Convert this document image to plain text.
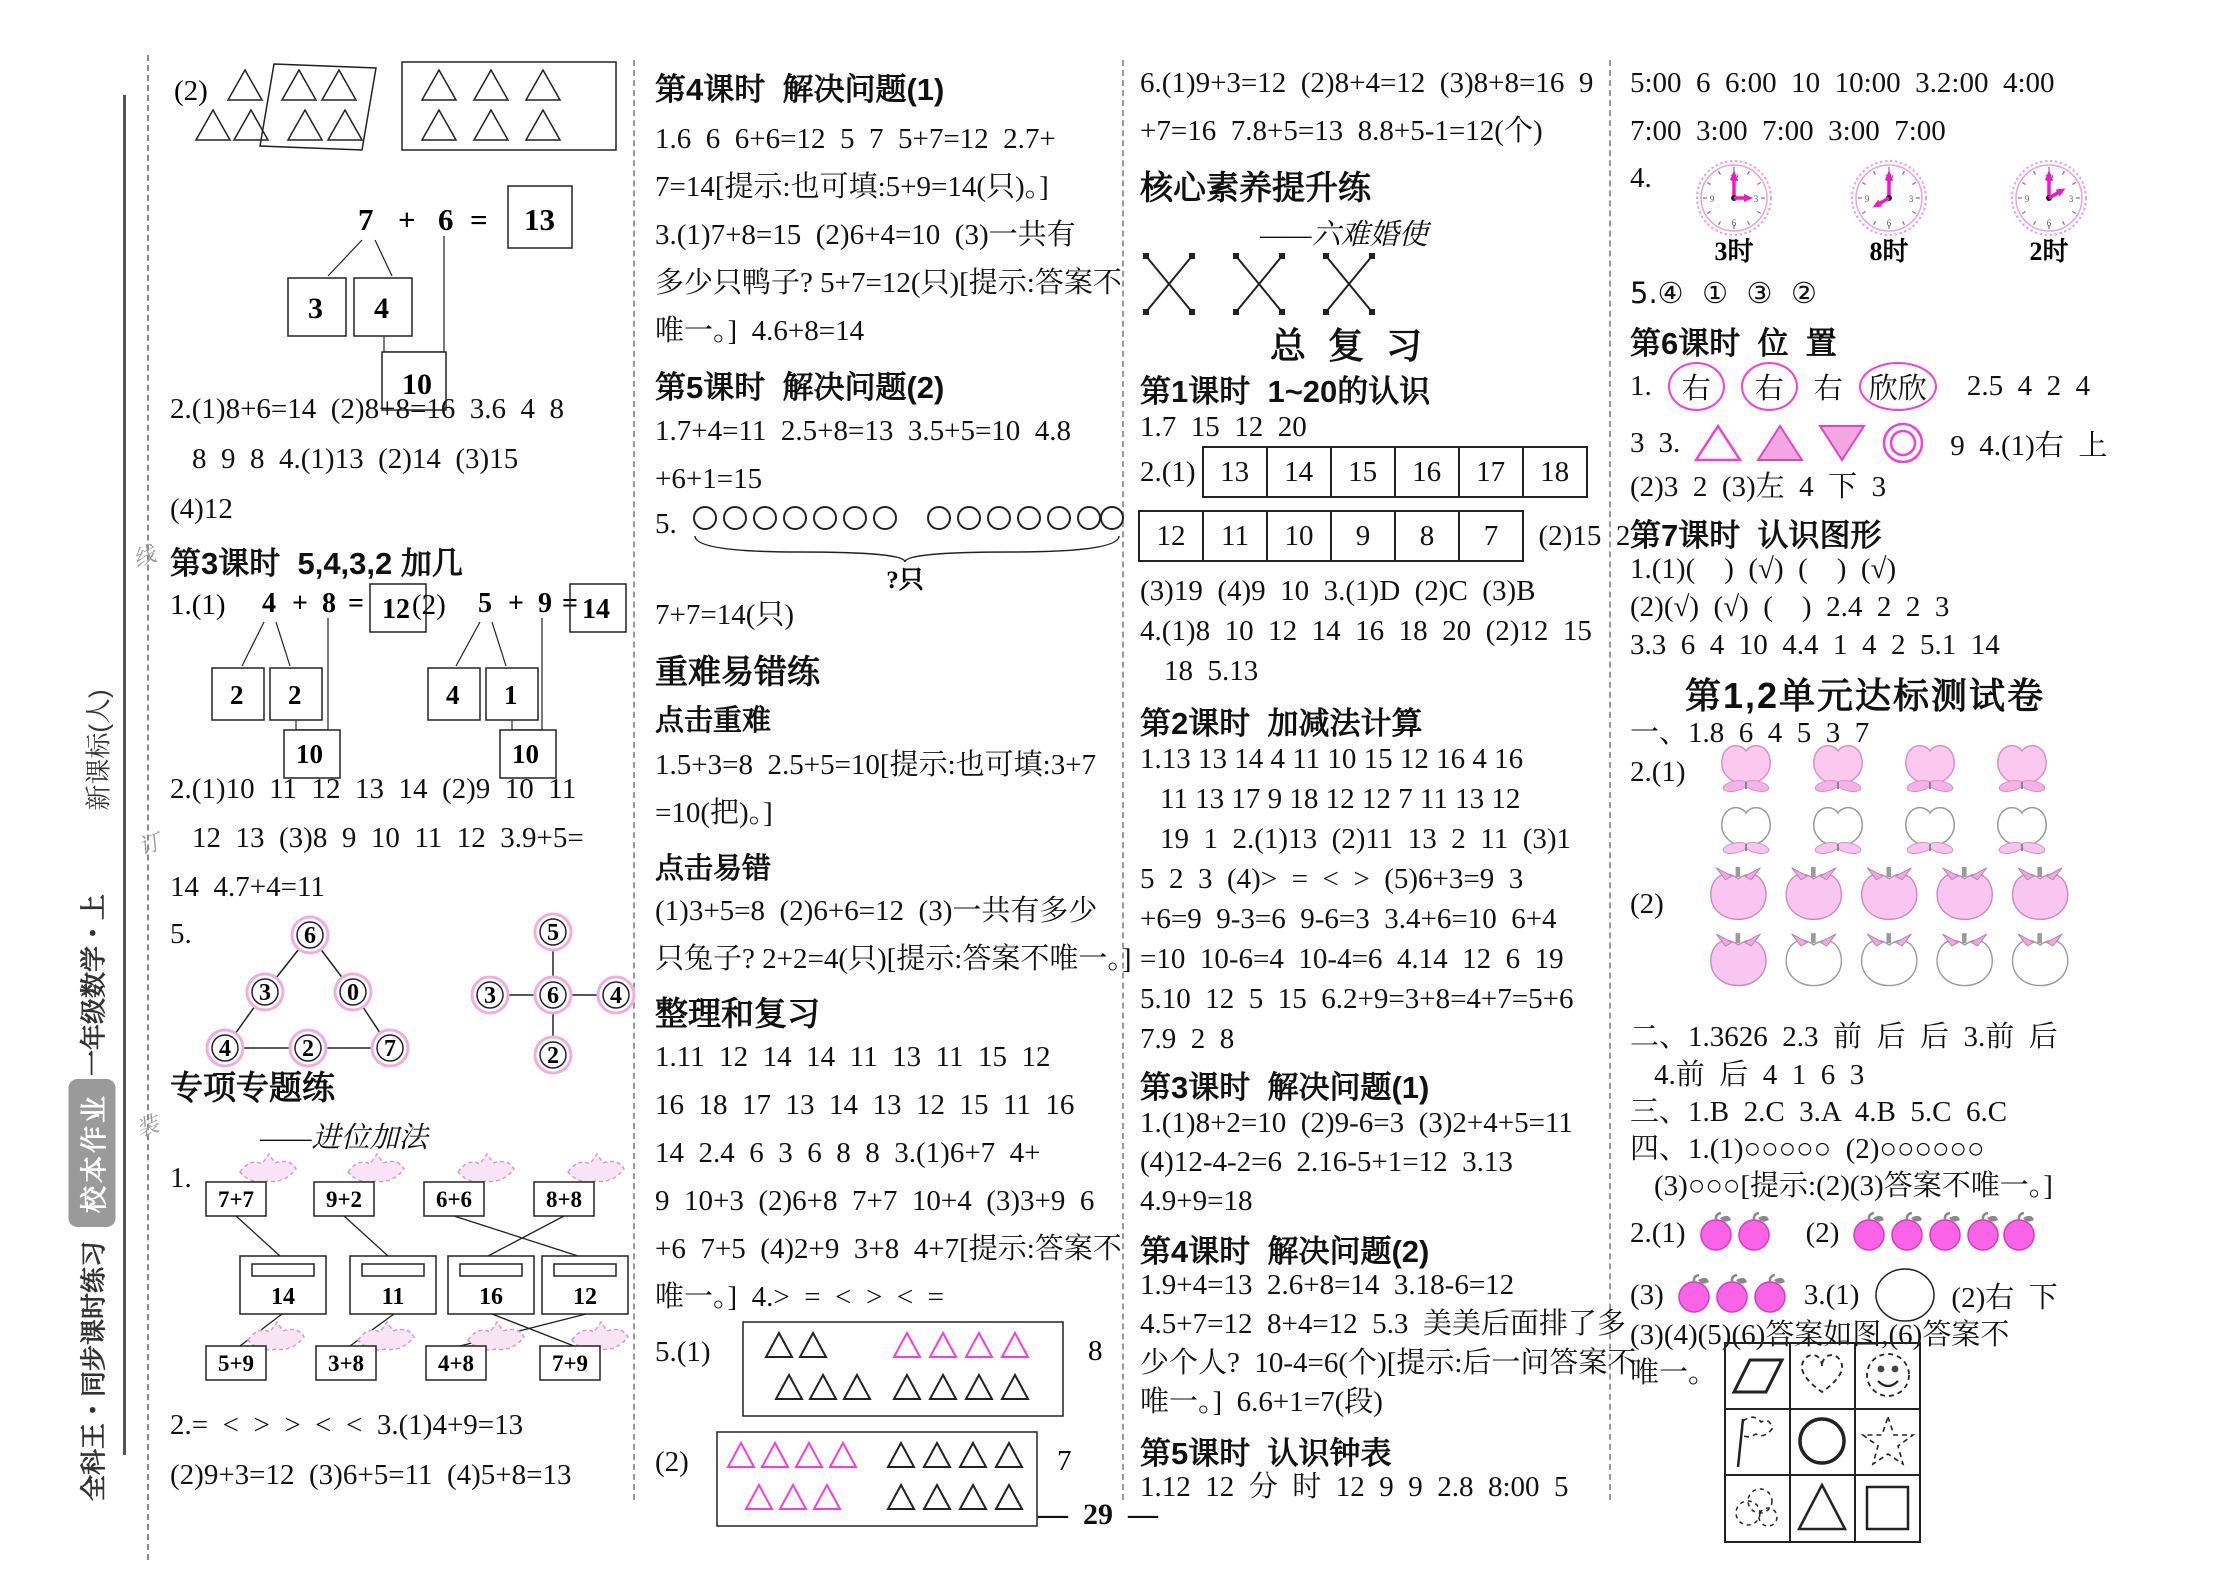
线
订
装
新课标(人)
一年级数学・上
全科王・同步课时练习
校本作业
(2)
7 + 6 = 13
3 4
10
2.(1)8+6=14  (2)8+8=16  3.6  4  8
8  9  8  4.(1)13  (2)14  (3)15
(4)12
第3课时  5,4,3,2 加几
1.(1) 4 + 8 = 12
2 2
10
(2) 5 + 9 = 14
4 1
10
2.(1)10  11  12  13  14  (2)9  10  11
12  13  (3)8  9  10  11  12  3.9+5=
14  4.7+4=11
5.	6
3	0
4	2	7
5
3 6 4
2
专项专题练
——进位加法
1.
7+7	9+2	6+6	8+8
14	11	16	12
5+9	3+8	4+8	7+9
2.=  <  >  >  <  <  3.(1)4+9=13
(2)9+3=12  (3)6+5=11  (4)5+8=13
第4课时  解决问题(1)
1.6  6  6+6=12  5  7  5+7=12  2.7+
7=14[提示:也可填:5+9=14(只)。]
3.(1)7+8=15  (2)6+4=10  (3)一共有
多少只鸭子? 5+7=12(只)[提示:答案不
唯一。]  4.6+8=14
第5课时  解决问题(2)
1.7+4=11  2.5+8=13  3.5+5=10  4.8
+6+1=15
5.
?只
7+7=14(只)
重难易错练
点击重难
1.5+3=8  2.5+5=10[提示:也可填:3+7
=10(把)。]
点击易错
(1)3+5=8  (2)6+6=12  (3)一共有多少
只兔子? 2+2=4(只)[提示:答案不唯一。]
整理和复习
1.11  12  14  14  11  13  11  15  12
16  18  17  13  14  13  12  15  11  16
14  2.4  6  3  6  8  8  3.(1)6+7  4+
9  10+3  (2)6+8  7+7  10+4  (3)3+9  6
+6  7+5  (4)2+9  3+8  4+7[提示:答案不
唯一。]  4.>  =  <  >  <  =
5.(1)	8
(2)	7
6.(1)9+3=12  (2)8+4=12  (3)8+8=16  9
+7=16  7.8+5=13  8.8+5-1=12(个)
核心素养提升练
——六难婚使
总 复 习
第1课时  1~20的认识
1.7  15  12  20
2.(1) 13	14	15	16	17	18
12	11	10	9	8	7 (2)15  2
(3)19  (4)9  10  3.(1)D  (2)C  (3)B
4.(1)8  10  12  14  16  18  20  (2)12  15
18  5.13
第2课时  加减法计算
1.13 13 14 4 11 10 15 12 16 4 16
11 13 17 9 18 12 12 7 11 13 12
19  1  2.(1)13  (2)11  13  2  11  (3)1
5  2  3  (4)>  =  <  >  (5)6+3=9  3
+6=9  9-3=6  9-6=3  3.4+6=10  6+4
=10  10-6=4  10-4=6  4.14  12  6  19
5.10  12  5  15  6.2+9=3+8=4+7=5+6
7.9  2  8
第3课时  解决问题(1)
1.(1)8+2=10  (2)9-6=3  (3)2+4+5=11
(4)12-4-2=6  2.16-5+1=12  3.13
4.9+9=18
第4课时  解决问题(2)
1.9+4=13  2.6+8=14  3.18-6=12
4.5+7=12  8+4=12  5.3  美美后面排了多
少个人?  10-4=6(个)[提示:后一问答案不
唯一。]  6.6+1=7(段)
第5课时  认识钟表
1.12  12  分  时  12  9  9  2.8  8:00  5
5:00  6  6:00  10  10:00  3.2:00  4:00
7:00  3:00  7:00  3:00  7:00
4.
3时	8时	2时
5.④  ①  ③  ②
第6课时  位  置
1.	右	右	右 欣欣	2.5  4  2  4
3 3.	9  4.(1)右  上
(2)3  2  (3)左  4  下  3
第7课时  认识图形
1.(1)(    )  (√)  (    )  (√)
(2)(√)  (√)  (    )  2.4  2  2  3
3.3  6  4  10  4.4  1  4  2  5.1  14
第1,2单元达标测试卷
一、1.8  6  4  5  3  7
2.(1)
(2)
二、1.3626  2.3  前  后  后  3.前  后
4.前  后  4  1  6  3
三、1.B  2.C  3.A  4.B  5.C  6.C
四、1.(1)○○○○○  (2)○○○○○○
(3)○○○[提示:(2)(3)答案不唯一。]
2.(1)	(2)
(3)	3.(1)	(2)右  下
(3)(4)(5)(6)答案如图,(6)答案不
唯一。
—  29  —
